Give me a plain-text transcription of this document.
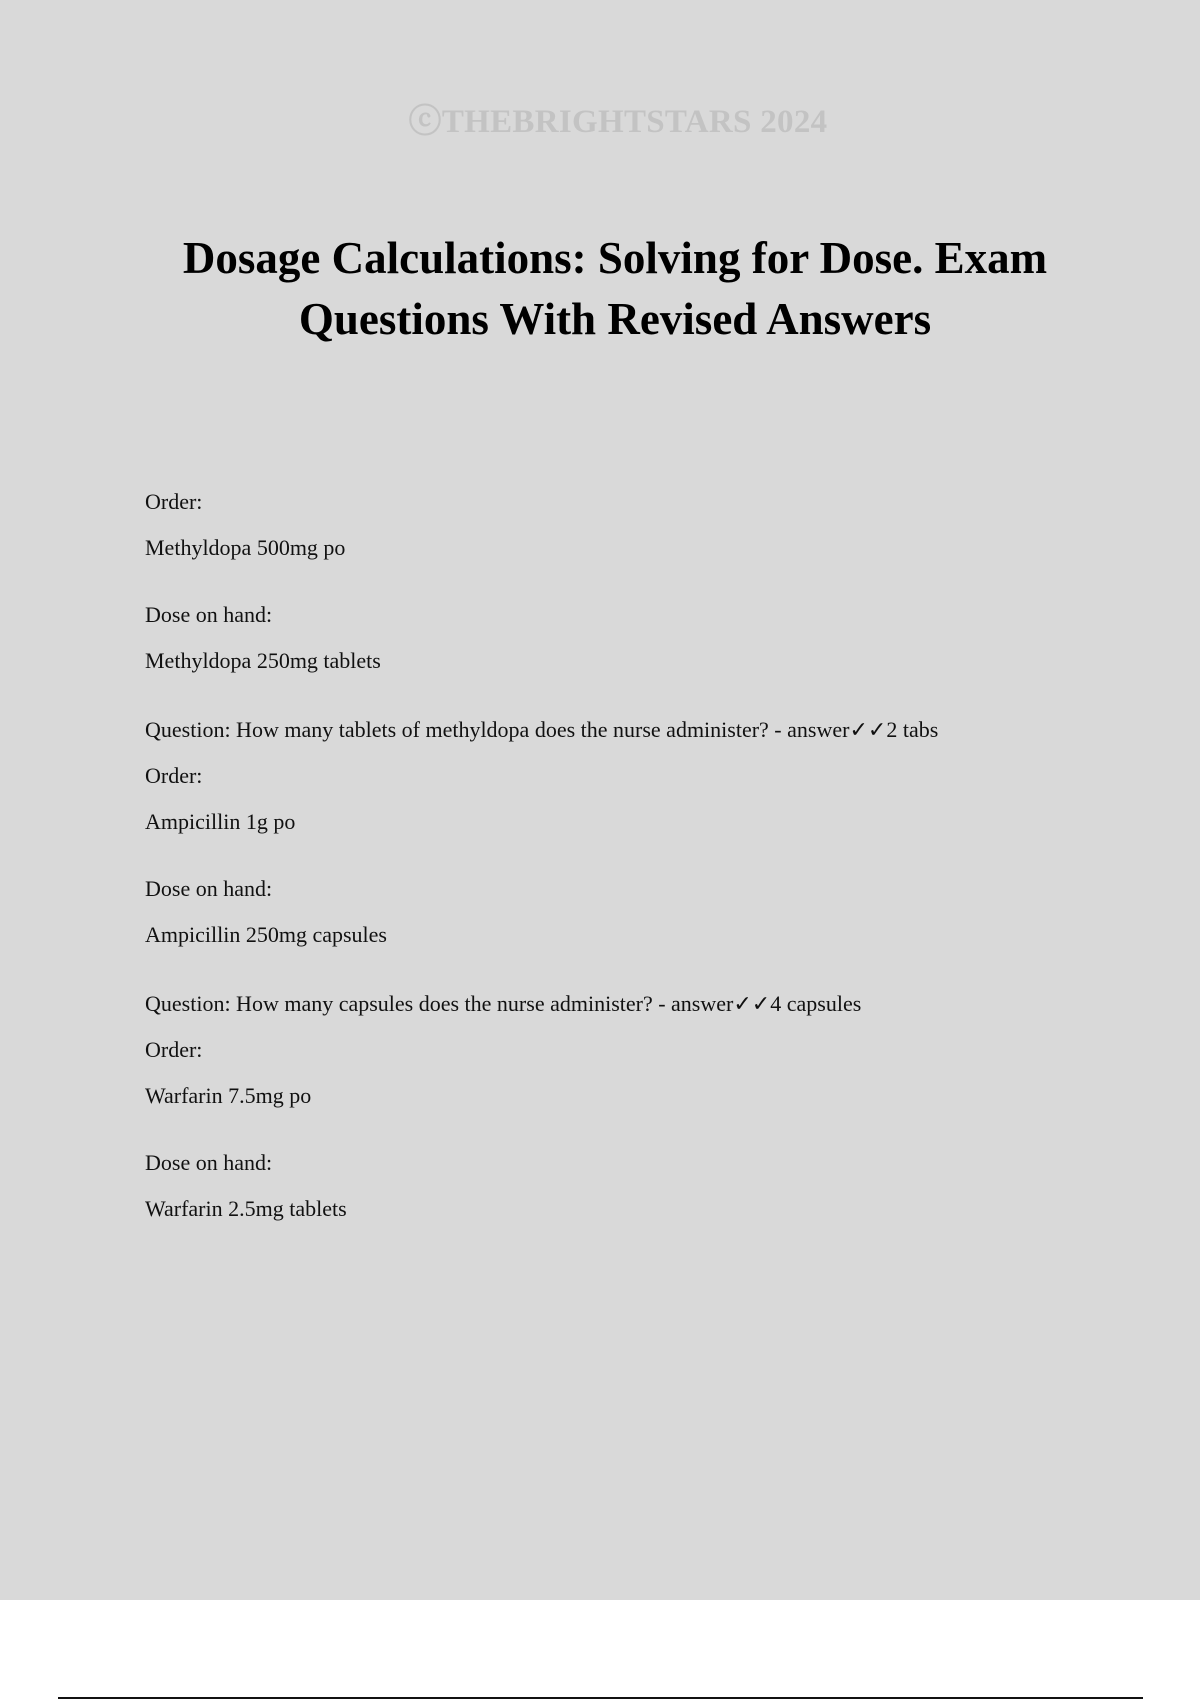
ⓒTHEBRIGHTSTARS 2024
Dosage Calculations: Solving for Dose. Exam Questions With Revised Answers
Order:
Methyldopa 500mg po
Dose on hand:
Methyldopa 250mg tablets
Question: How many tablets of methyldopa does the nurse administer? - answer✓✓2 tabs
Order:
Ampicillin 1g po
Dose on hand:
Ampicillin 250mg capsules
Question: How many capsules does the nurse administer? - answer✓✓4 capsules
Order:
Warfarin 7.5mg po
Dose on hand:
Warfarin 2.5mg tablets
